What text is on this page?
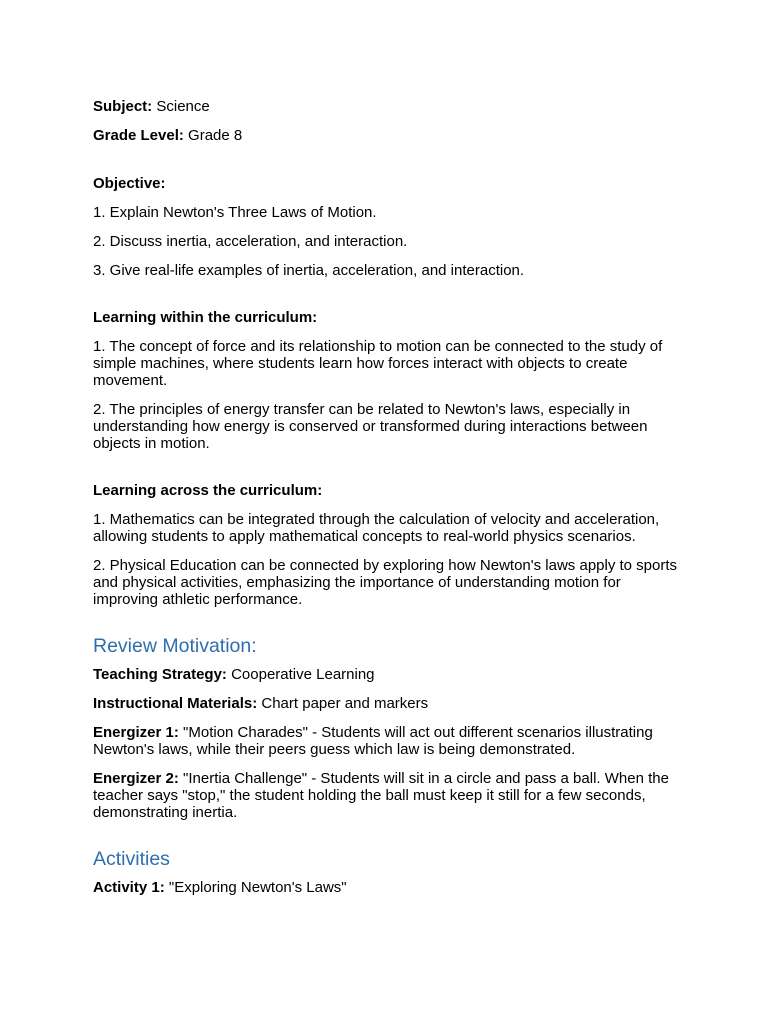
Subject: Science

Grade Level: Grade 8

Objective:

1. Explain Newton's Three Laws of Motion.

2. Discuss inertia, acceleration, and interaction.

3. Give real-life examples of inertia, acceleration, and interaction.

Learning within the curriculum:

1. The concept of force and its relationship to motion can be connected to the study of simple machines, where students learn how forces interact with objects to create movement.

2. The principles of energy transfer can be related to Newton's laws, especially in understanding how energy is conserved or transformed during interactions between objects in motion.

Learning across the curriculum:

1. Mathematics can be integrated through the calculation of velocity and acceleration, allowing students to apply mathematical concepts to real-world physics scenarios.

2. Physical Education can be connected by exploring how Newton's laws apply to sports and physical activities, emphasizing the importance of understanding motion for improving athletic performance.

Review Motivation:

Teaching Strategy: Cooperative Learning

Instructional Materials: Chart paper and markers

Energizer 1: "Motion Charades" - Students will act out different scenarios illustrating Newton's laws, while their peers guess which law is being demonstrated.

Energizer 2: "Inertia Challenge" - Students will sit in a circle and pass a ball. When the teacher says "stop," the student holding the ball must keep it still for a few seconds, demonstrating inertia.

Activities

Activity 1: "Exploring Newton's Laws"
